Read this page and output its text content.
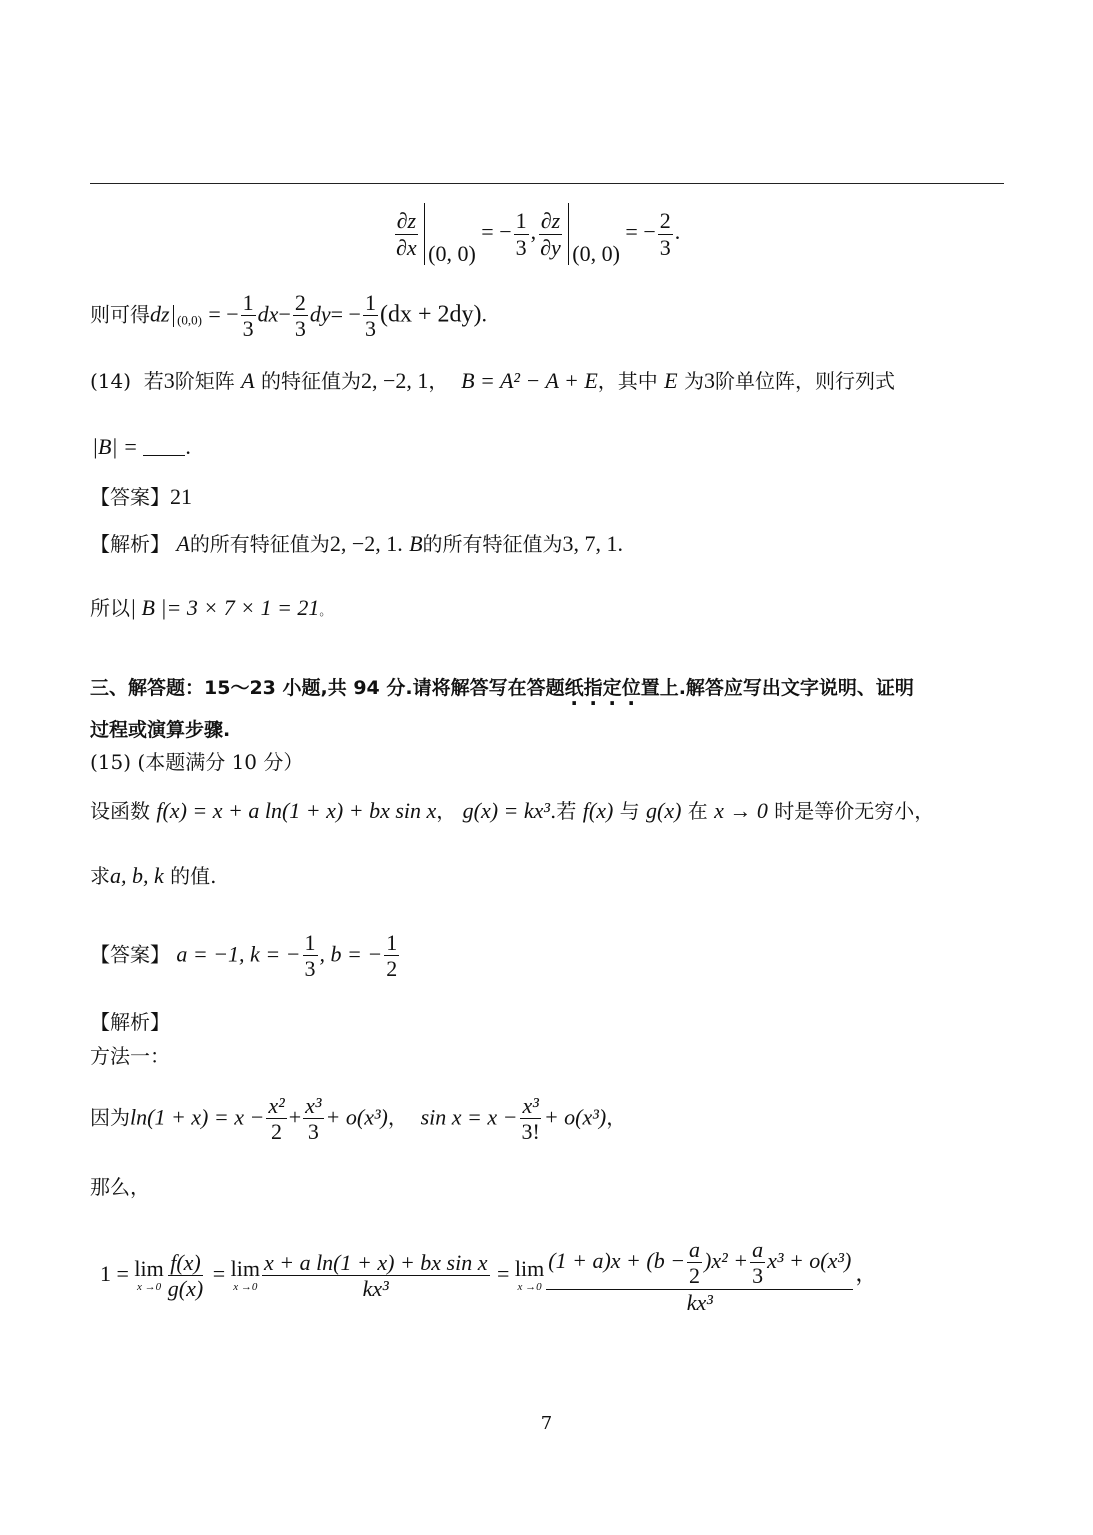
$\frac{\partial z}{\partial x} (0$, 0) = − $\frac{1}{3}$ , $\frac{\partial z}{\partial y} (0$, 0) = − $\frac{2}{3}$ .
则可得dz $_{(0,0)}$ = − $\frac{1}{3} dx- \frac{2}{3} dy= - \frac{1}{3} (dx + 2dy)$.
(14) 若3阶矩阵 A 的特征值为2, −2, 1， B = A² − A + E，其中 E 为3阶单位阵，则行列式
|B| = .
【答案】21
【解析】 A的所有特征值为2, −2, 1. B的所有特征值为3, 7, 1.
所以| B |= 3 × 7 × 1 = 21。
三、解答题：15～23 小题,共 94 分.请将解答写在答题纸指定位置上.解答应写出文字说明、证明
过程或演算步骤.
(15) (本题满分 10 分）
设函数 f(x) = x + a ln(1 + x) + bx sin x， g(x) = kx³.若 f(x) 与 g(x) 在 x → 0 时是等价无穷小，
求a, b, k 的值.
【答案】 a = −1, k = − $\frac{1}{3}$ , b = − $\frac{1}{2}$
【解析】
方法一：
因为$\ln(1 + x) = x - \frac{\text{x²}}{2} + \frac{\text{x³}}{3} + o(x^3)$， $\sin x = x - \frac{\text{x³}}{3!} + o(x^3)$，
那么，
1 = lim
$x \to 0 \frac{f(x)}{g(x)} = \lim$
$x \to 0 \frac{\text{x + a ln(1 + x) + bx sin x}}{\text{kx³}} = \lim$
$x \to 0 \frac{(1 + a)x + (b - \frac{a}{2} )x^2 + \frac{a}{3} x^3 + o(x^3)}{\text{kx³}}$ ，
7
